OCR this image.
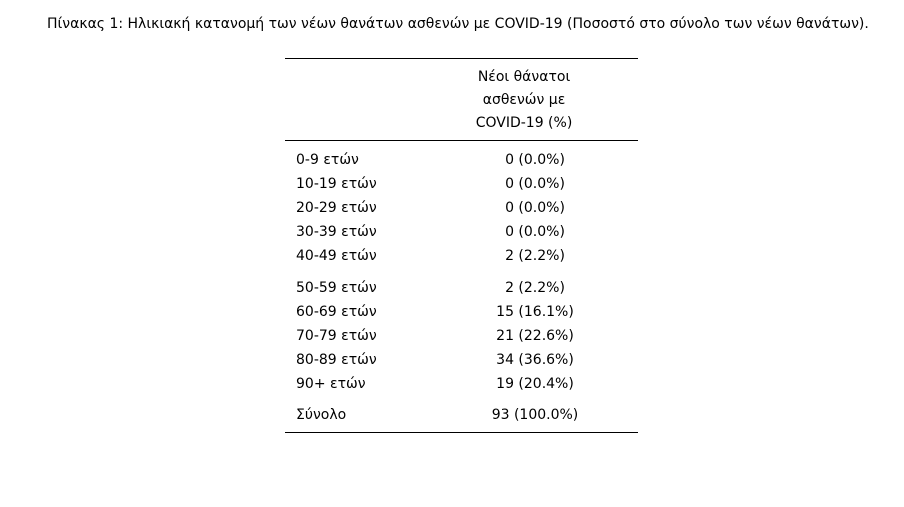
Πίνακας 1: Ηλικιακή κατανομή των νέων θανάτων ασθενών με COVID-19 (Ποσοστό στο σύνολο των νέων θανάτων).
Νέοι θάνατοι
ασθενών με
COVID-19 (%)
0-9 ετών	0 (0.0%)
10-19 ετών	0 (0.0%)
20-29 ετών	0 (0.0%)
30-39 ετών	0 (0.0%)
40-49 ετών	2 (2.2%)
50-59 ετών	2 (2.2%)
60-69 ετών	15 (16.1%)
70-79 ετών	21 (22.6%)
80-89 ετών	34 (36.6%)
90+ ετών	19 (20.4%)
Σύνολο	93 (100.0%)
